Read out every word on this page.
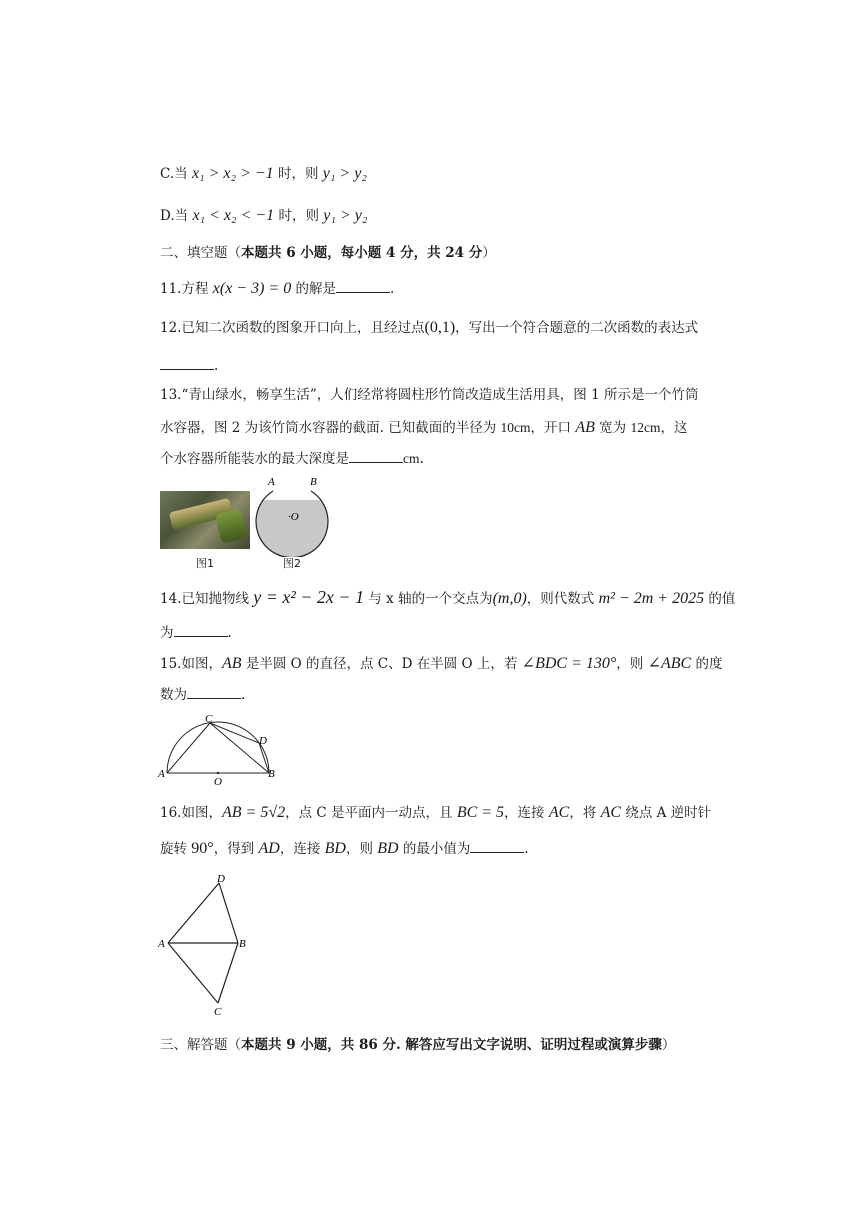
C.当 x₁ > x₂ > −1 时，则 y₁ > y₂
D.当 x₁ < x₂ < −1 时，则 y₁ > y₂
二、填空题（本题共 6 小题，每小题 4 分，共 24 分）
11.方程 x(x − 3) = 0 的解是	.
12.已知二次函数的图象开口向上，且经过点(0,1)，写出一个符合题意的二次函数的表达式
.
13.“青山绿水，畅享生活”，人们经常将圆柱形竹筒改造成生活用具，图 1 所示是一个竹筒
水容器，图 2 为该竹筒水容器的截面. 已知截面的半径为 10cm，开口 AB 宽为 12cm，这
个水容器所能装水的最大深度是	cm.
图1
A	B
·O
图2
14.已知抛物线 y = x² − 2x − 1 与 x 轴的一个交点为(m,0)，则代数式 m² − 2m + 2025 的值
为	.
15.如图，AB 是半圆 O 的直径，点 C、D 在半圆 O 上，若 ∠BDC = 130°，则 ∠ABC 的度
数为	.
A	B
C
D
O
16.如图，AB = 5√2，点 C 是平面内一动点，且 BC = 5，连接 AC，将 AC 绕点 A 逆时针
旋转 90°，得到 AD，连接 BD，则 BD 的最小值为	.
A	B
D
C
三、解答题（本题共 9 小题，共 86 分. 解答应写出文字说明、证明过程或演算步骤）
